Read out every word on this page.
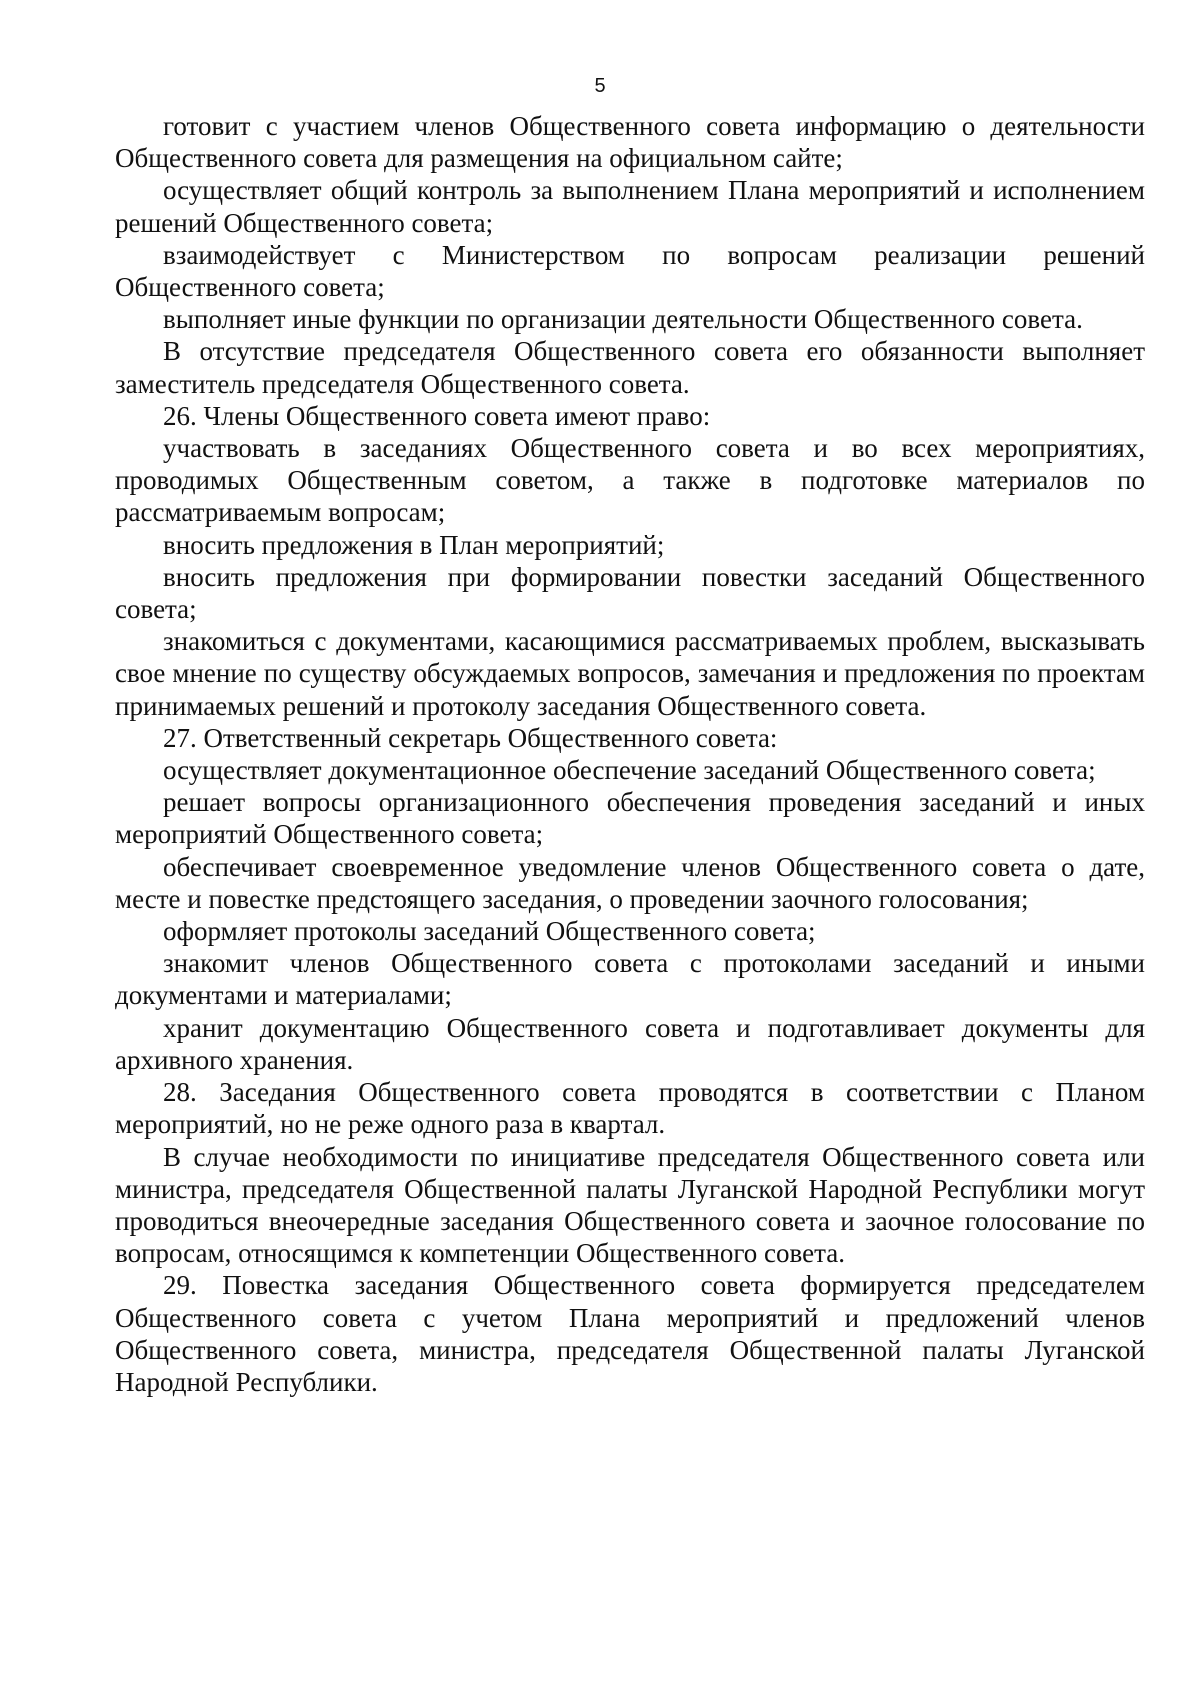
5

готовит с участием членов Общественного совета информацию о деятельности Общественного совета для размещения на официальном сайте;

осуществляет общий контроль за выполнением Плана мероприятий и исполнением решений Общественного совета;

взаимодействует с Министерством по вопросам реализации решений Общественного совета;

выполняет иные функции по организации деятельности Общественного совета.

В отсутствие председателя Общественного совета его обязанности выполняет заместитель председателя Общественного совета.

26. Члены Общественного совета имеют право:

участвовать в заседаниях Общественного совета и во всех мероприятиях, проводимых Общественным советом, а также в подготовке материалов по рассматриваемым вопросам;

вносить предложения в План мероприятий;

вносить предложения при формировании повестки заседаний Общественного совета;

знакомиться с документами, касающимися рассматриваемых проблем, высказывать свое мнение по существу обсуждаемых вопросов, замечания и предложения по проектам принимаемых решений и протоколу заседания Общественного совета.

27. Ответственный секретарь Общественного совета:

осуществляет документационное обеспечение заседаний Общественного совета;

решает вопросы организационного обеспечения проведения заседаний и иных мероприятий Общественного совета;

обеспечивает своевременное уведомление членов Общественного совета о дате, месте и повестке предстоящего заседания, о проведении заочного голосования;

оформляет протоколы заседаний Общественного совета;

знакомит членов Общественного совета с протоколами заседаний и иными документами и материалами;

хранит документацию Общественного совета и подготавливает документы для архивного хранения.

28. Заседания Общественного совета проводятся в соответствии с Планом мероприятий, но не реже одного раза в квартал.

В случае необходимости по инициативе председателя Общественного совета или министра, председателя Общественной палаты Луганской Народной Республики могут проводиться внеочередные заседания Общественного совета и заочное голосование по вопросам, относящимся к компетенции Общественного совета.

29. Повестка заседания Общественного совета формируется председателем Общественного совета с учетом Плана мероприятий и предложений членов Общественного совета, министра, председателя Общественной палаты Луганской Народной Республики.
